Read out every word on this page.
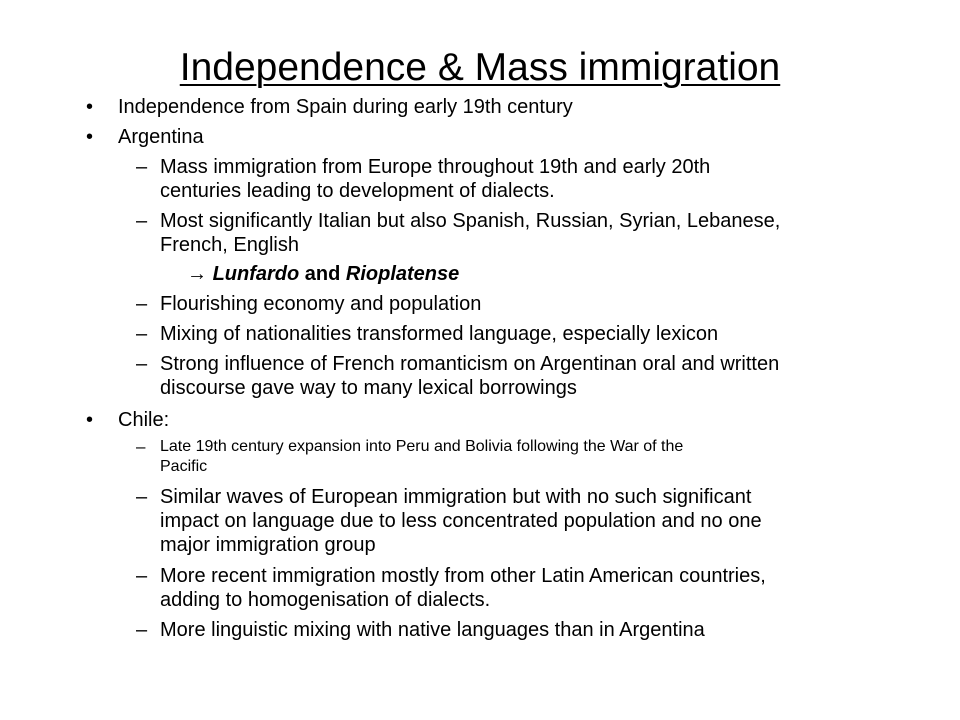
Independence & Mass immigration
• Independence from Spain during early 19th century
• Argentina
– Mass immigration from Europe throughout 19th and early 20th
centuries leading to development of dialects.
– Most significantly Italian but also Spanish, Russian, Syrian, Lebanese,
French, English
→ Lunfardo and Rioplatense
– Flourishing economy and population
– Mixing of nationalities transformed language, especially lexicon
– Strong influence of French romanticism on Argentinan oral and written
discourse gave way to many lexical borrowings
• Chile:
– Late 19th century expansion into Peru and Bolivia following the War of the
Pacific
– Similar waves of European immigration but with no such significant
impact on language due to less concentrated population and no one
major immigration group
– More recent immigration mostly from other Latin American countries,
adding to homogenisation of dialects.
– More linguistic mixing with native languages than in Argentina
